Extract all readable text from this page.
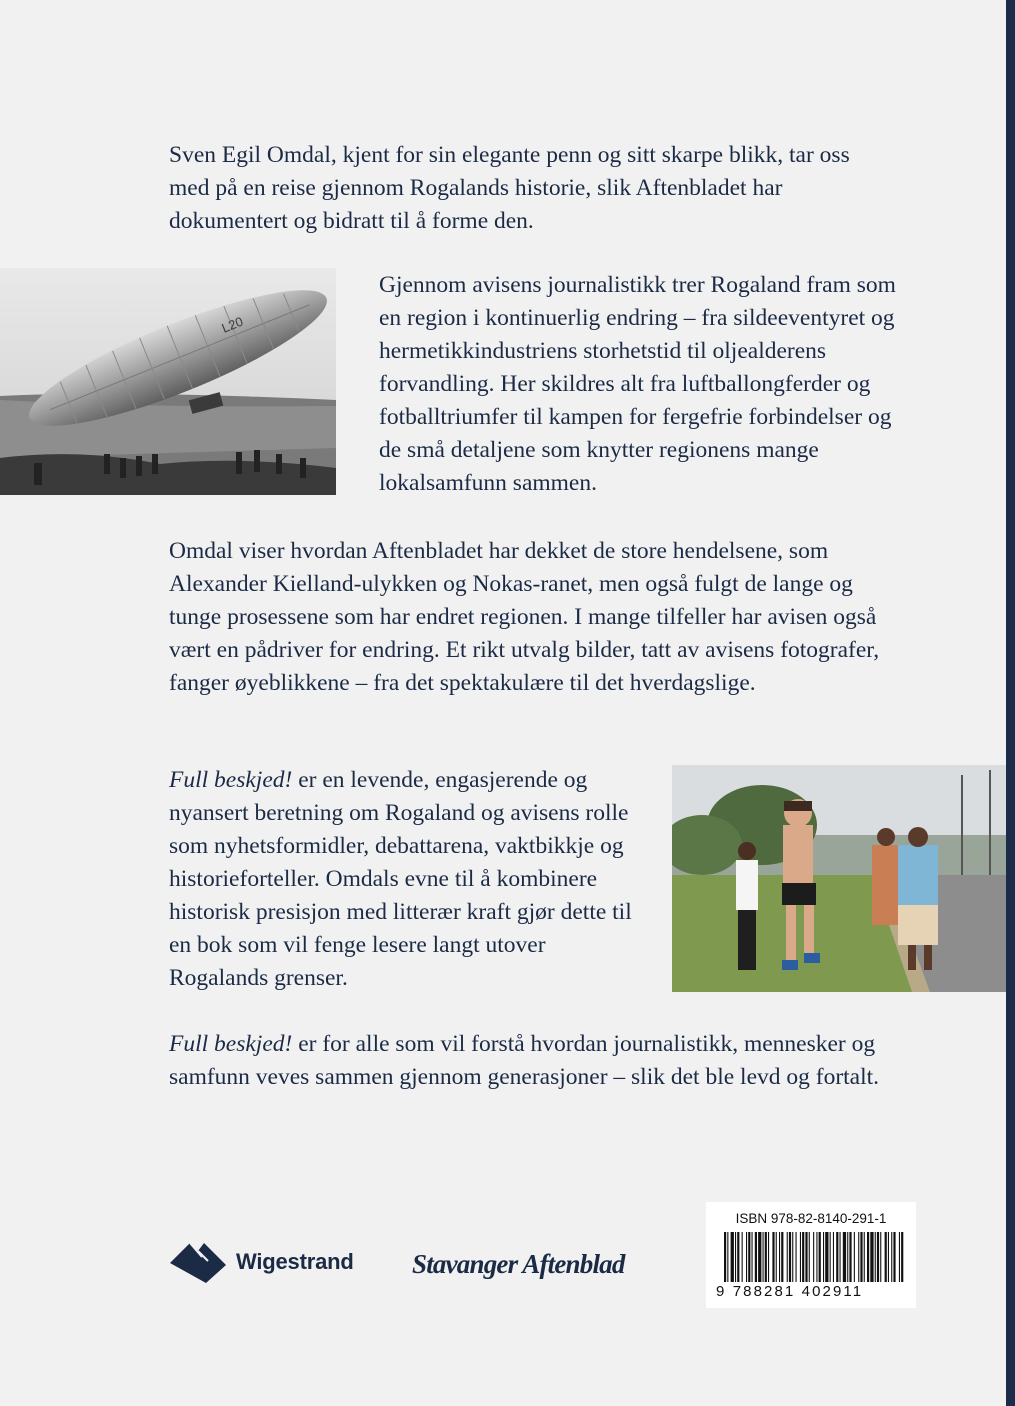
Sven Egil Omdal, kjent for sin elegante penn og sitt skarpe blikk, tar oss med på en reise gjennom Rogalands historie, slik Aftenbladet har dokumentert og bidratt til å forme den.

L20

Gjennom avisens journalistikk trer Rogaland fram som en region i kontinuerlig endring – fra sildeeventyret og hermetikkindustriens storhetstid til oljealderens forvandling. Her skildres alt fra luftballongferder og fotballtriumfer til kampen for fergefrie forbindelser og de små detaljene som knytter regionens mange lokalsamfunn sammen.

Omdal viser hvordan Aftenbladet har dekket de store hendelsene, som Alexander Kielland-ulykken og Nokas-ranet, men også fulgt de lange og tunge prosessene som har endret regionen. I mange tilfeller har avisen også vært en pådriver for endring. Et rikt utvalg bilder, tatt av avisens fotografer, fanger øyeblikkene – fra det spektakulære til det hverdagslige.

Full beskjed! er en levende, engasjerende og nyansert beretning om Rogaland og avisens rolle som nyhetsformidler, debattarena, vaktbikkje og historieforteller. Omdals evne til å kombinere historisk presisjon med litterær kraft gjør dette til en bok som vil fenge lesere langt utover Rogalands grenser.

Full beskjed! er for alle som vil forstå hvordan journalistikk, mennesker og samfunn veves sammen gjennom generasjoner – slik det ble levd og fortalt.

Wigestrand Stavanger Aftenblad
ISBN 978-82-8140-291-1
9 788281 402911
